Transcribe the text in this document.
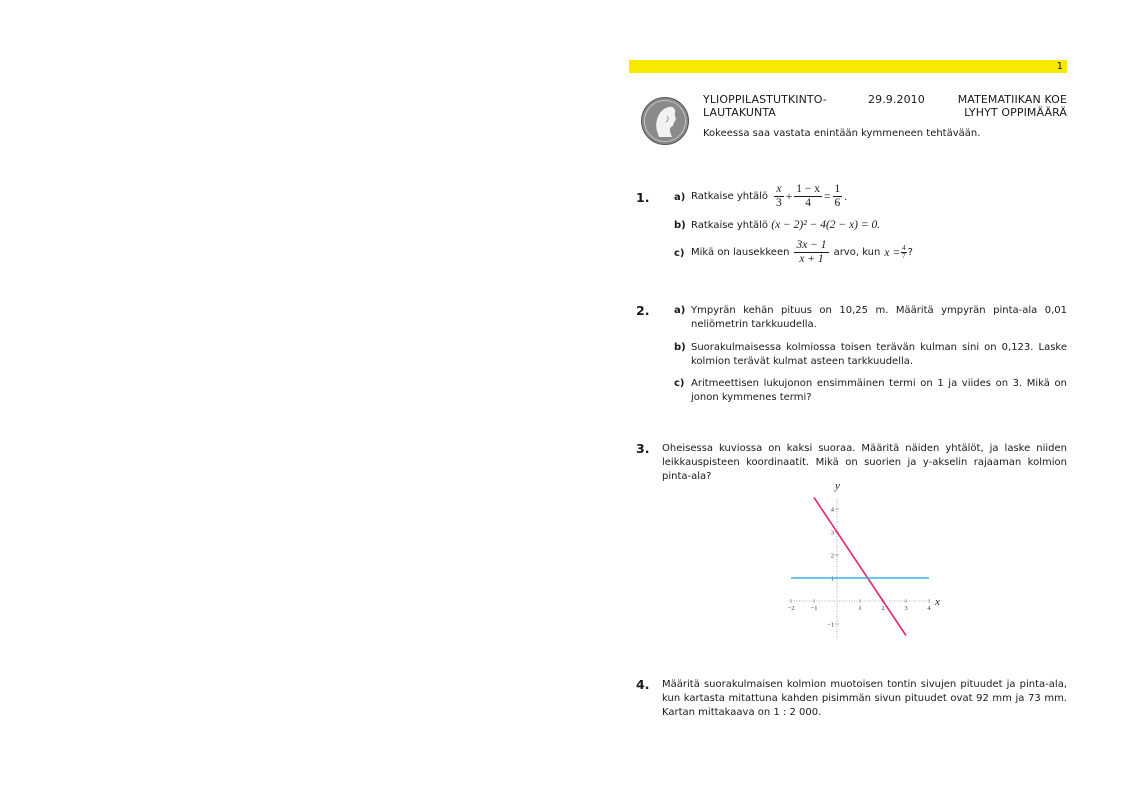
1
YLIOPPILASTUTKINTO-
LAUTAKUNTA
29.9.2010	MATEMATIIKAN KOE
LYHYT OPPIMÄÄRÄ
Kokeessa saa vastata enintään kymmeneen tehtävään.
1. a) Ratkaise yhtälö $\frac{x}{3} + \frac{1 - x}{4} = \frac{1}{6}$ .
b) Ratkaise yhtälö (x − 2)² − 4(2 − x) = 0.
c) Mikä on lausekkeen $\frac{3x - 1}{x + 1}$ arvo, kun $x = \frac{4}{7}$ ?
2. a) Ympyrän kehän pituus on 10,25 m. Määritä ympyrän pinta-ala 0,01 neliömetrin tarkkuudella.
b) Suorakulmaisessa kolmiossa toisen terävän kulman sini on 0,123. Laske kolmion terävät kulmat asteen tarkkuudella.
c) Aritmeettisen lukujonon ensimmäinen termi on 1 ja viides on 3. Mikä on jonon kymmenes termi?
3. Oheisessa kuviossa on kaksi suoraa. Määritä näiden yhtälöt, ja laske niiden leikkauspisteen koordinaatit. Mikä on suorien ja y-akselin rajaaman kolmion pinta-ala?
−2 −1	1	2	3	4
−1
1
2
3
4
y
x
4. Määritä suorakulmaisen kolmion muotoisen tontin sivujen pituudet ja pinta-ala, kun kartasta mitattuna kahden pisimmän sivun pituudet ovat 92 mm ja 73 mm. Kartan mittakaava on 1 : 2 000.
